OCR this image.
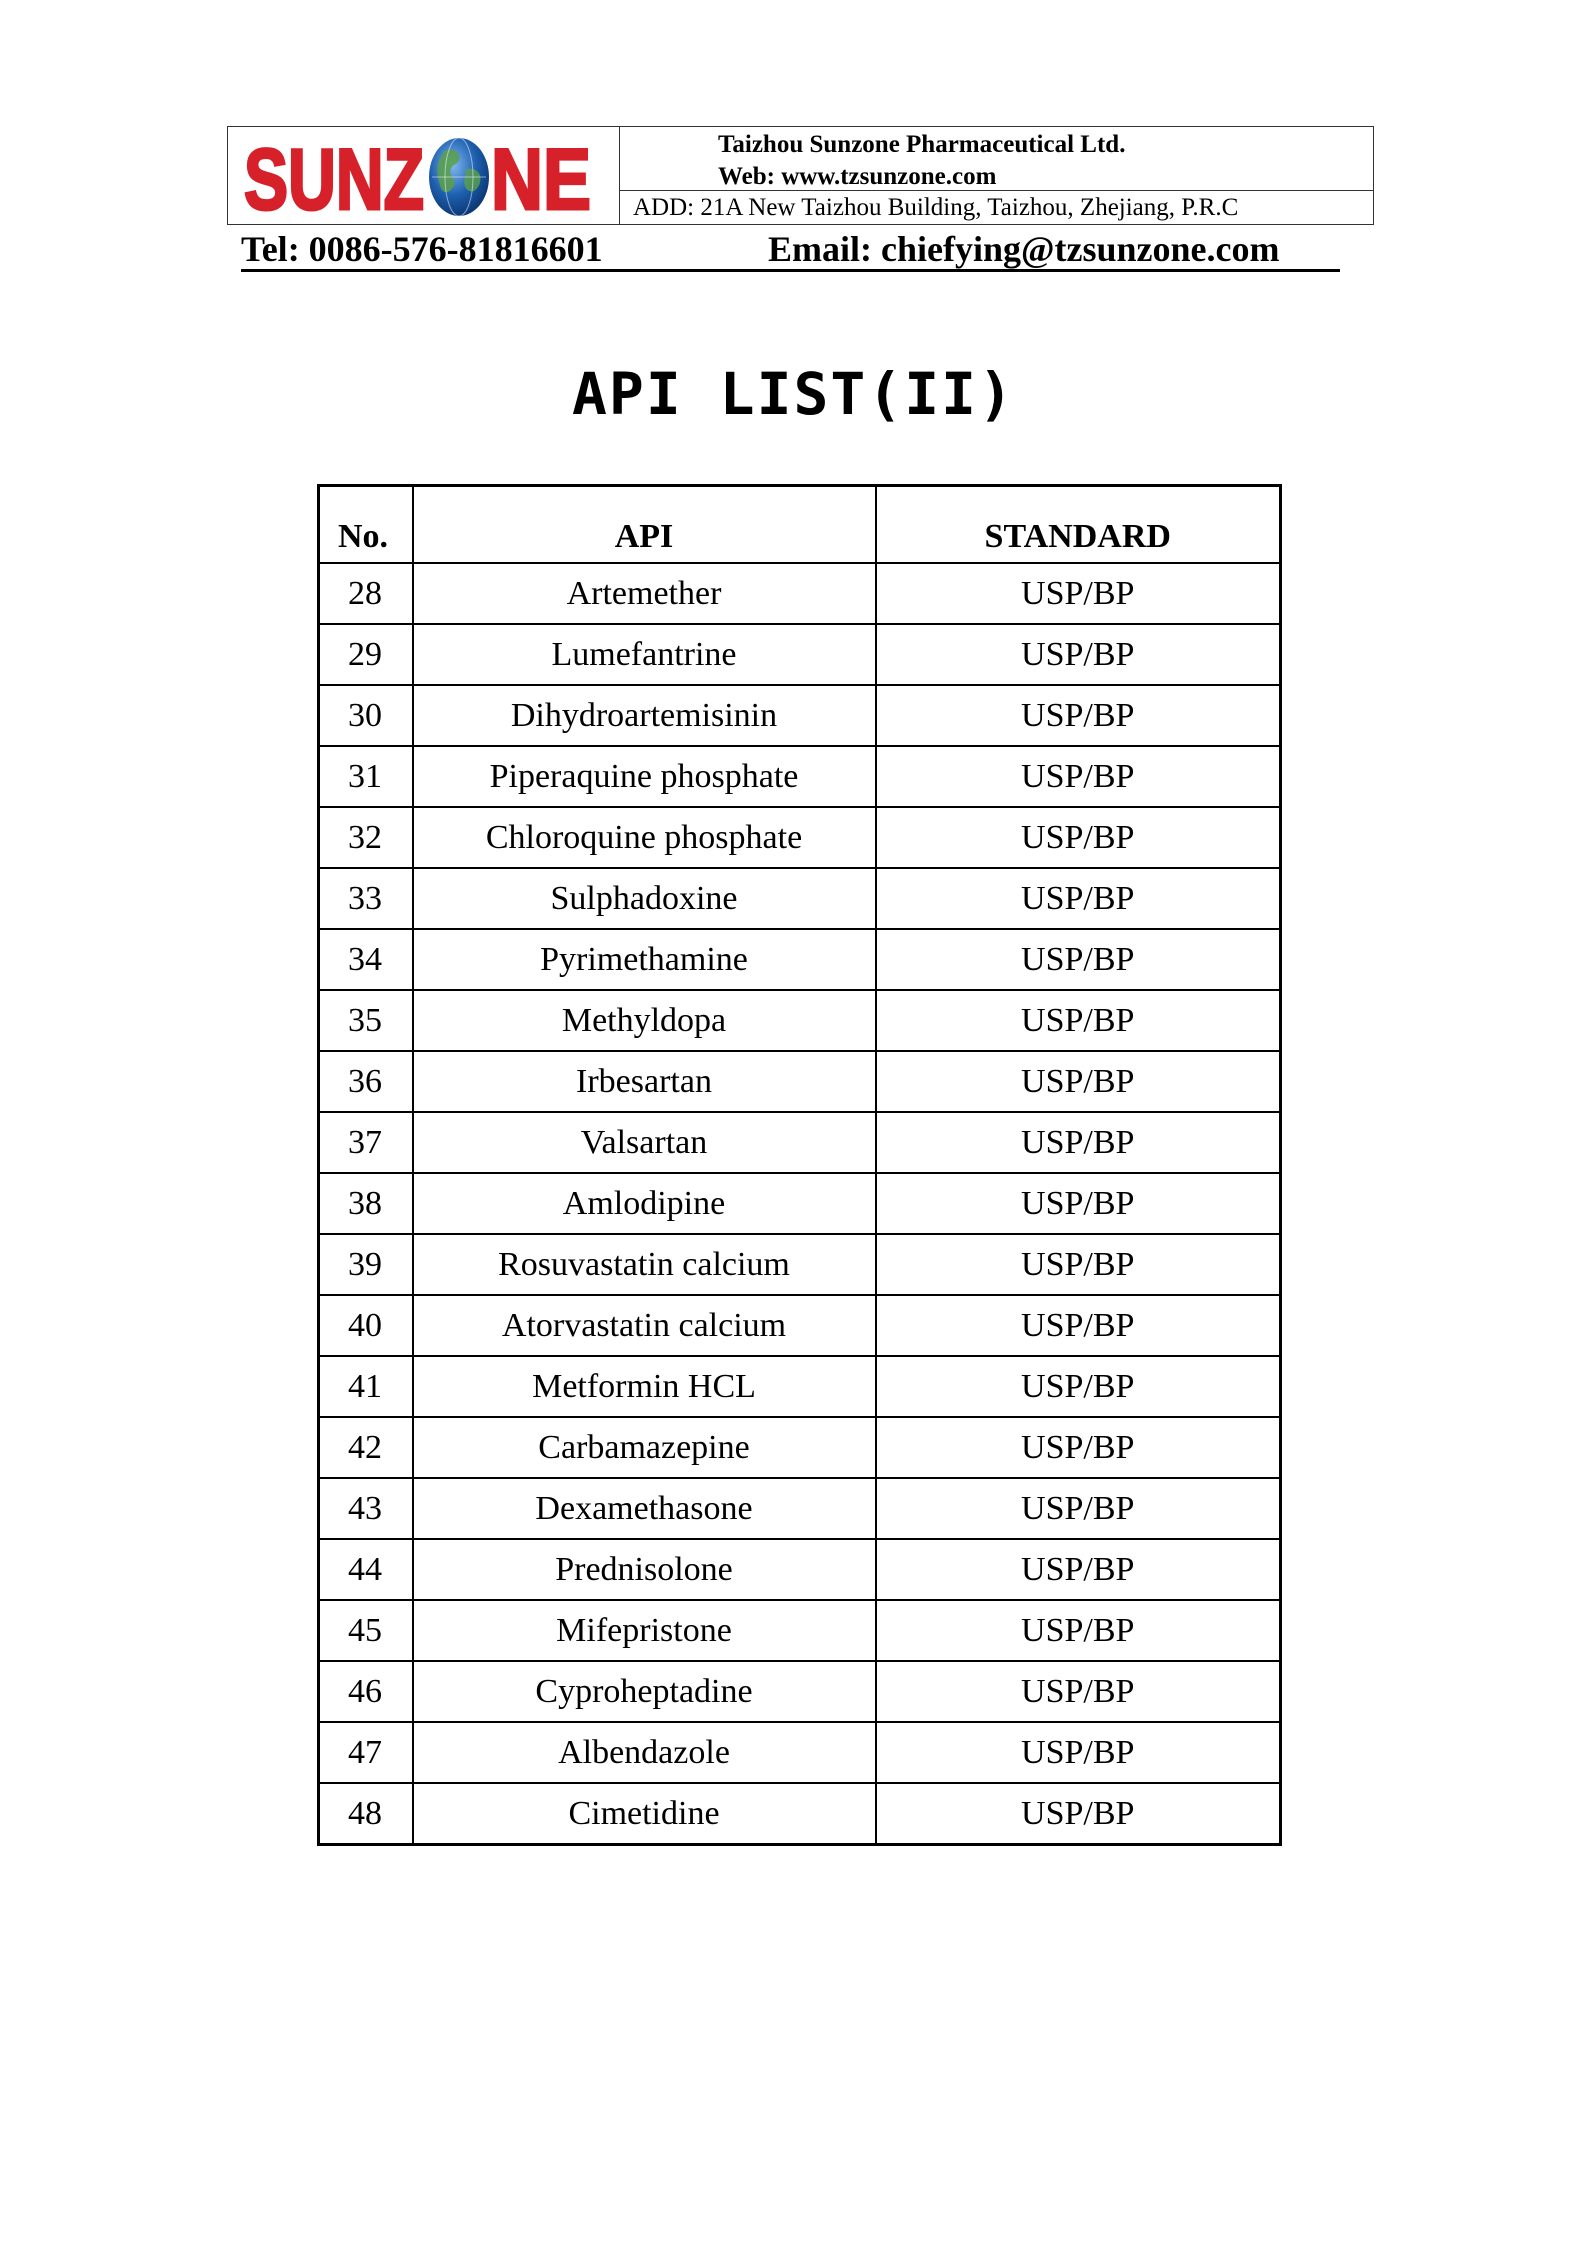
SUNZ NE	Taizhou Sunzone Pharmaceutical Ltd.
Web: www.tzsunzone.com
ADD: 21A New Taizhou Building, Taizhou, Zhejiang, P.R.C
Tel: 0086-576-81816601	Email: chiefying@tzsunzone.com
API LIST(II)
No.	API	STANDARD
28	Artemether	USP/BP
29	Lumefantrine	USP/BP
30	Dihydroartemisinin	USP/BP
31	Piperaquine phosphate	USP/BP
32	Chloroquine phosphate	USP/BP
33	Sulphadoxine	USP/BP
34	Pyrimethamine	USP/BP
35	Methyldopa	USP/BP
36	Irbesartan	USP/BP
37	Valsartan	USP/BP
38	Amlodipine	USP/BP
39	Rosuvastatin calcium	USP/BP
40	Atorvastatin calcium	USP/BP
41	Metformin HCL	USP/BP
42	Carbamazepine	USP/BP
43	Dexamethasone	USP/BP
44	Prednisolone	USP/BP
45	Mifepristone	USP/BP
46	Cyproheptadine	USP/BP
47	Albendazole	USP/BP
48	Cimetidine	USP/BP
